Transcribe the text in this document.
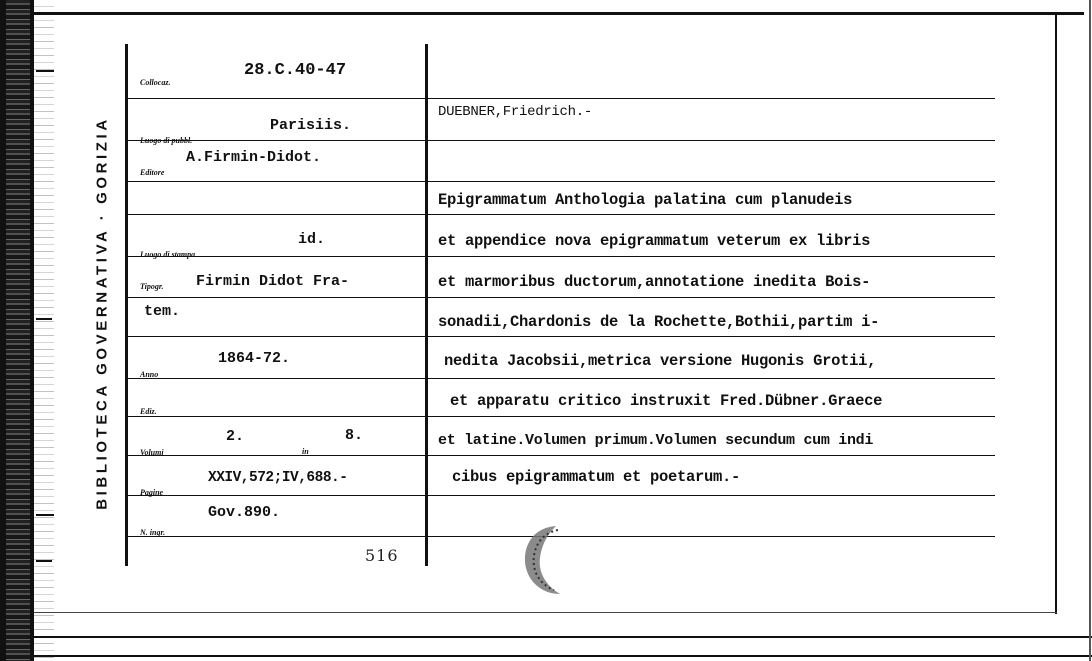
BIBLIOTECA GOVERNATIVA · GORIZIA
Collocaz.
Luogo di pubbl.
Editore
Luogo di stampa
Tipogr.
Anno
Ediz.
Volumi	in
Pagine
N. ingr.
28.C.40-47
Parisiis.
A.Firmin-Didot.
id.
Firmin Didot Fra-
tem.
1864-72.
2.	8.
XXIV,572;IV,688.-
Gov.890.
516
DUEBNER,Friedrich.-
Epigrammatum Anthologia palatina cum planudeis
et appendice nova epigrammatum veterum ex libris
et marmoribus ductorum,annotatione inedita Bois-
sonadii,Chardonis de la Rochette,Bothii,partim i-
nedita Jacobsii,metrica versione Hugonis Grotii,
et apparatu critico instruxit Fred.Dübner.Graece
et latine.Volumen primum.Volumen secundum cum indi
cibus epigrammatum et poetarum.-
